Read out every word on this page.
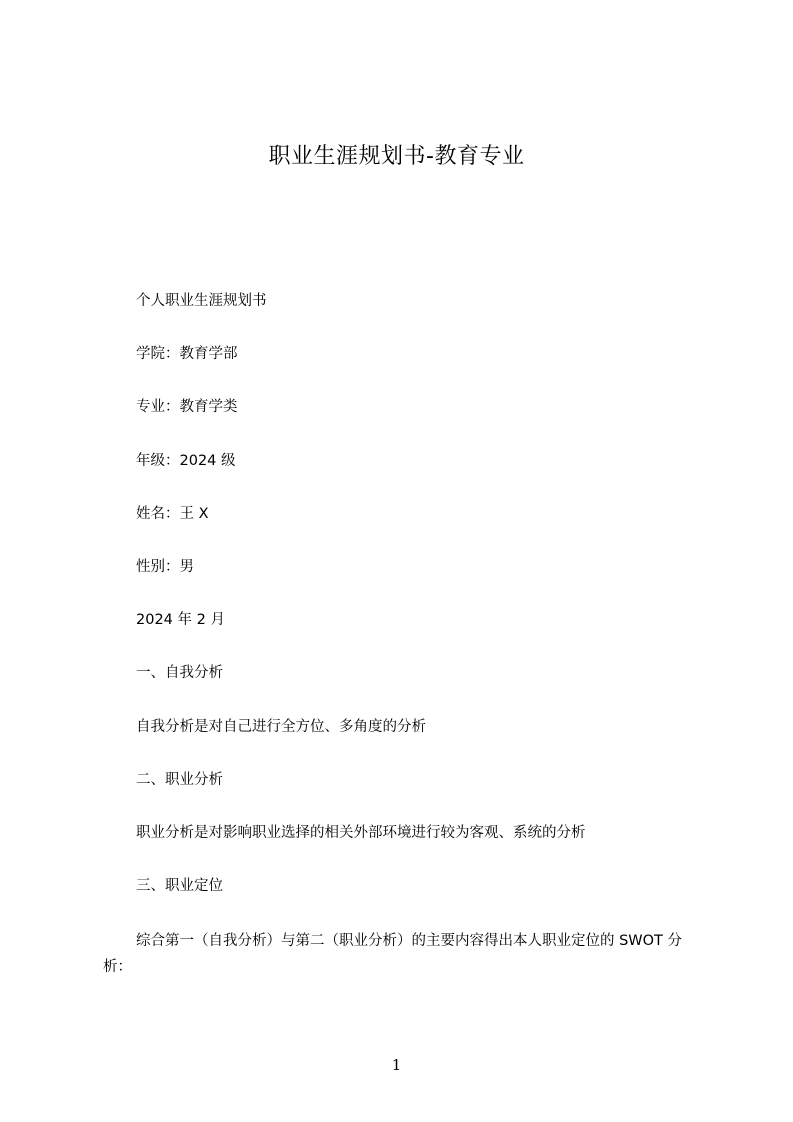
职业生涯规划书-教育专业
个人职业生涯规划书
学院：教育学部
专业：教育学类
年级：2024 级
姓名：王 X
性别：男
2024 年 2 月
一、自我分析
自我分析是对自己进行全方位、多角度的分析
二、职业分析
职业分析是对影响职业选择的相关外部环境进行较为客观、系统的分析
三、职业定位
综合第一（自我分析）与第二（职业分析）的主要内容得出本人职业定位的 SWOT 分析：
1
